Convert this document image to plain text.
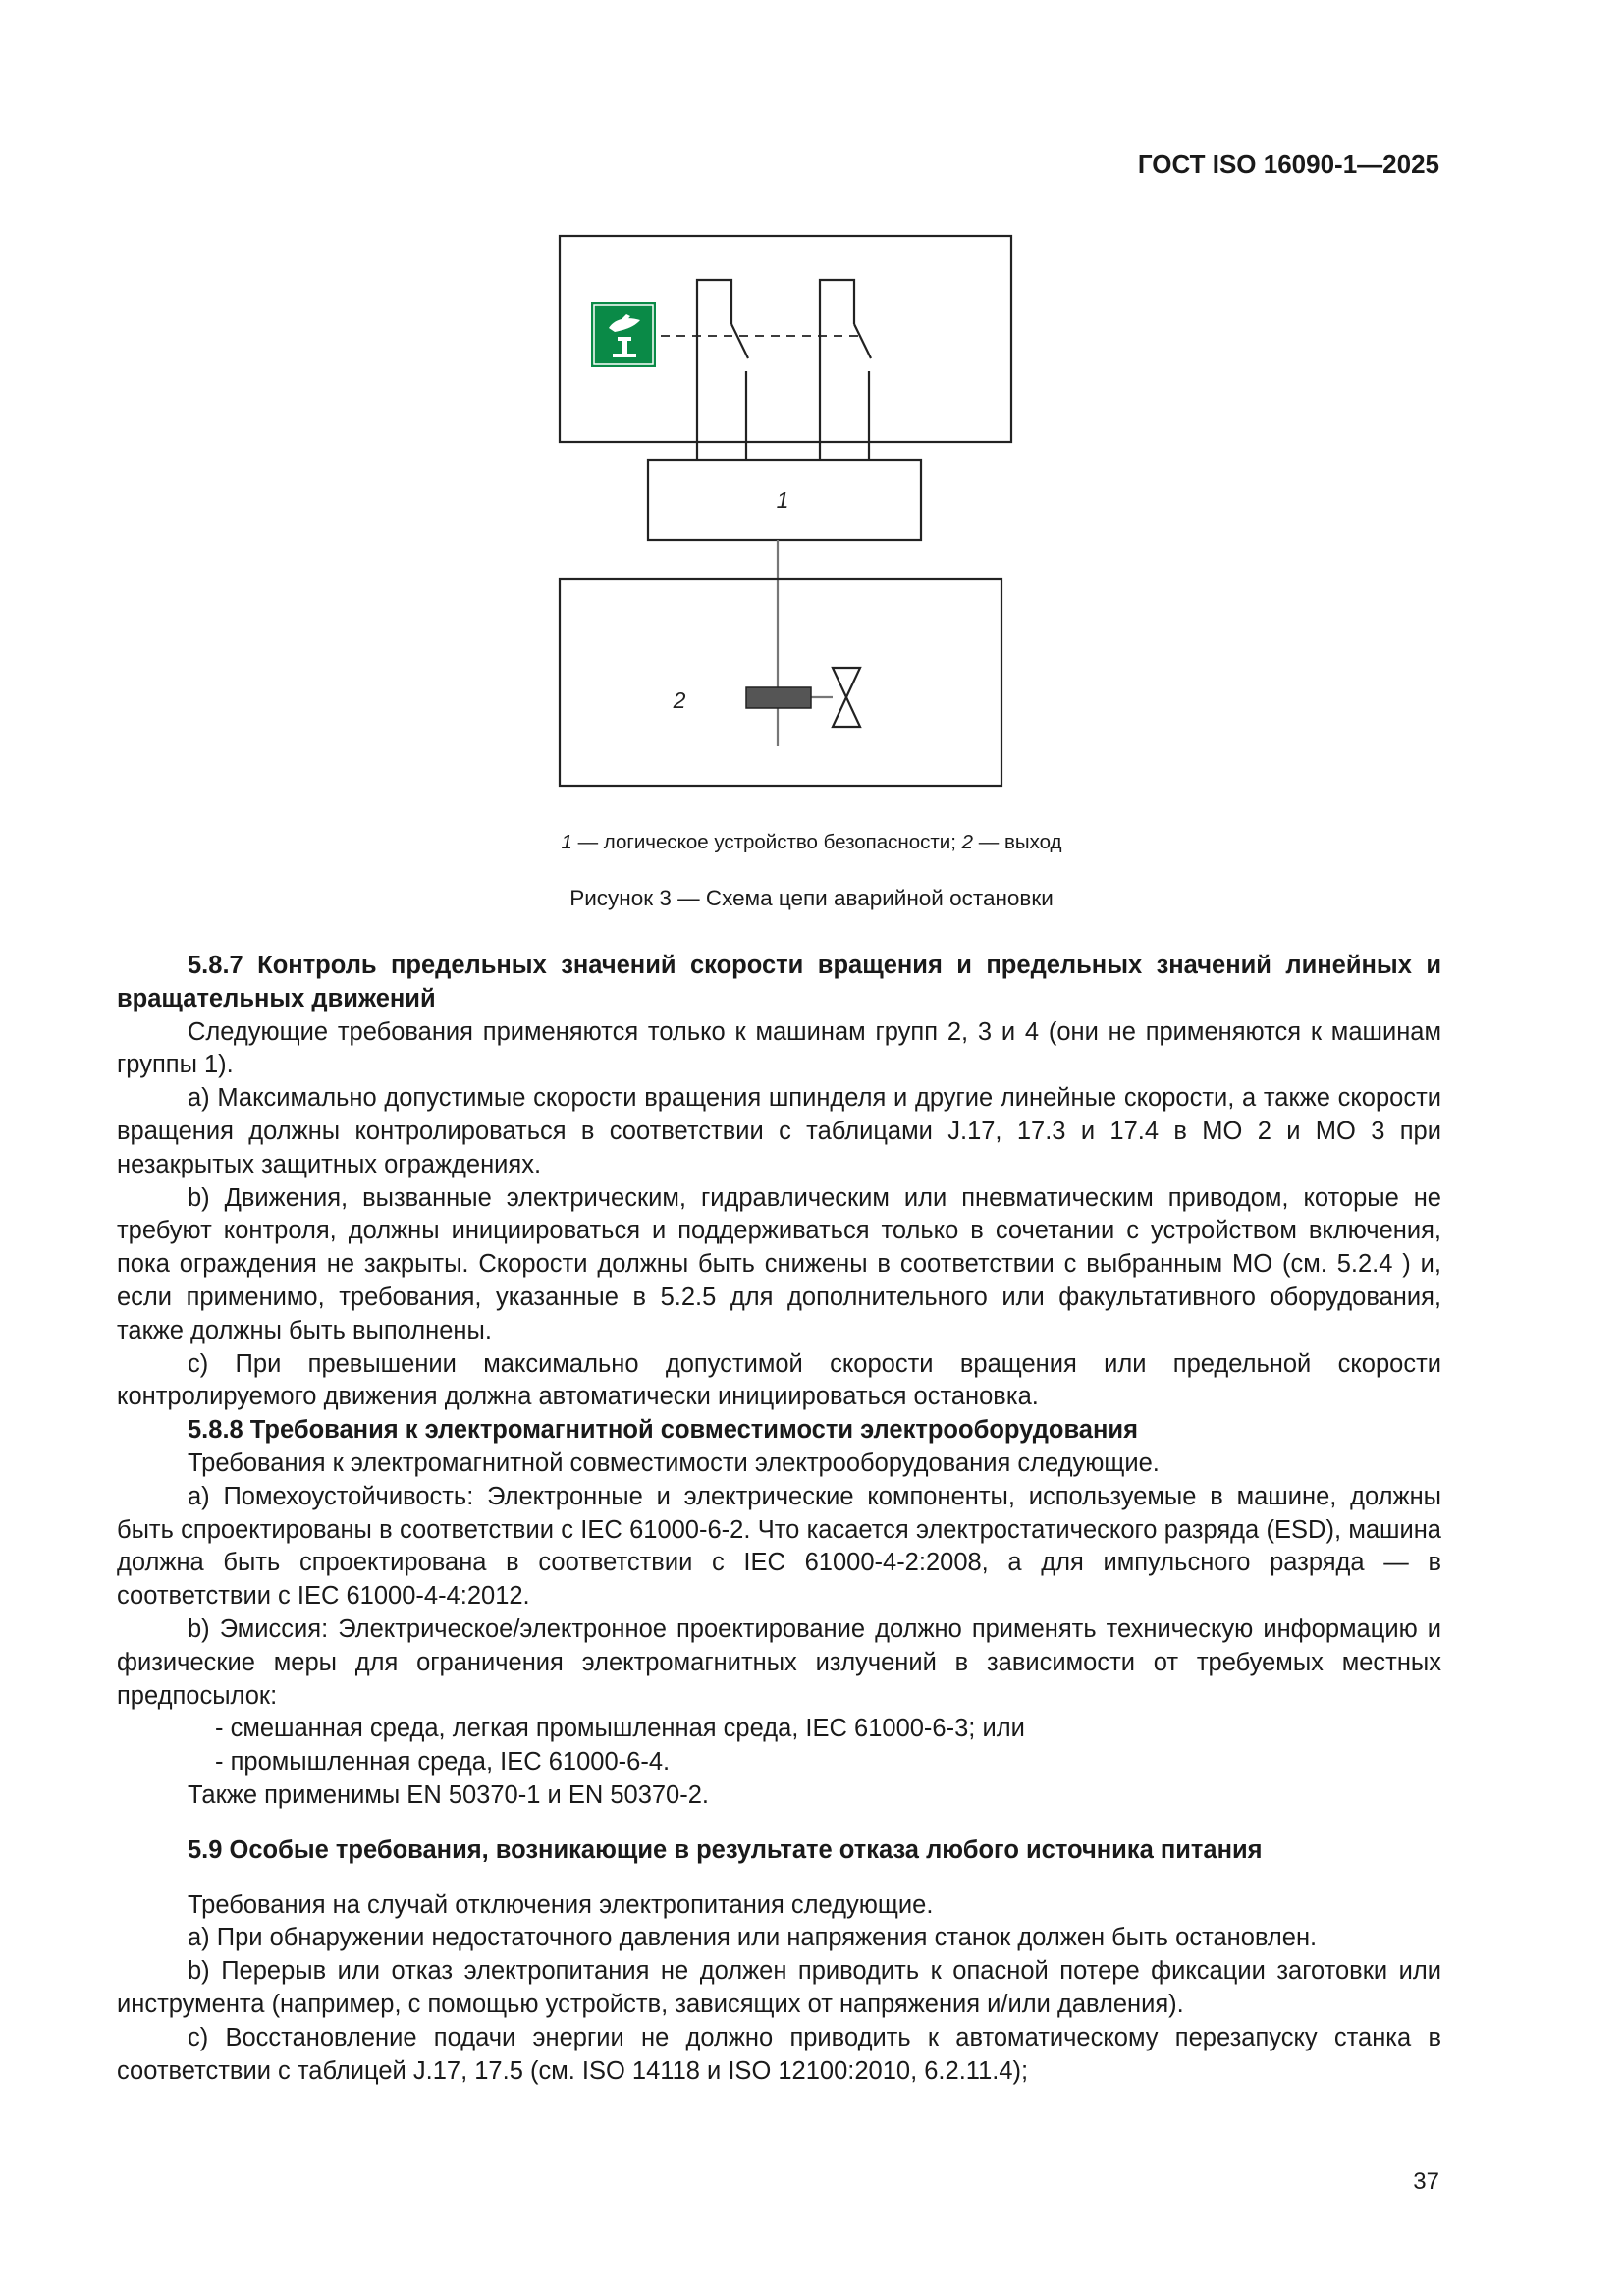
ГОСТ ISO 16090-1—2025
1
2
1 — логическое устройство безопасности; 2 — выход
Рисунок 3 — Схема цепи аварийной остановки

5.8.7 Контроль предельных значений скорости вращения и предельных значений линейных и вращательных движений

Следующие требования применяются только к машинам групп 2, 3 и 4 (они не применяются к машинам группы 1).

a) Максимально допустимые скорости вращения шпинделя и другие линейные скорости, а также скорости вращения должны контролироваться в соответствии с таблицами J.17, 17.3 и 17.4 в МО 2 и МО 3 при незакрытых защитных ограждениях.

b) Движения, вызванные электрическим, гидравлическим или пневматическим приводом, которые не требуют контроля, должны инициироваться и поддерживаться только в сочетании с устройством включения, пока ограждения не закрыты. Скорости должны быть снижены в соответствии с выбранным МО (см. 5.2.4 ) и, если применимо, требования, указанные в 5.2.5 для дополнительного или факультативного оборудования, также должны быть выполнены.

c) При превышении максимально допустимой скорости вращения или предельной скорости контролируемого движения должна автоматически инициироваться остановка.

5.8.8 Требования к электромагнитной совместимости электрооборудования

Требования к электромагнитной совместимости электрооборудования следующие.

a) Помехоустойчивость: Электронные и электрические компоненты, используемые в машине, должны быть спроектированы в соответствии с IEC 61000-6-2. Что касается электростатического разряда (ESD), машина должна быть спроектирована в соответствии с IEC 61000-4-2:2008, а для импульсного разряда — в соответствии с IEC 61000-4-4:2012.

b) Эмиссия: Электрическое/электронное проектирование должно применять техническую информацию и физические меры для ограничения электромагнитных излучений в зависимости от требуемых местных предпосылок:

- смешанная среда, легкая промышленная среда, IEC 61000-6-3; или

- промышленная среда, IEC 61000-6-4.

Также применимы EN 50370-1 и EN 50370-2.

5.9 Особые требования, возникающие в результате отказа любого источника питания

Требования на случай отключения электропитания следующие.

a) При обнаружении недостаточного давления или напряжения станок должен быть остановлен.

b) Перерыв или отказ электропитания не должен приводить к опасной потере фиксации заготовки или инструмента (например, с помощью устройств, зависящих от напряжения и/или давления).

c) Восстановление подачи энергии не должно приводить к автоматическому перезапуску станка в соответствии с таблицей J.17, 17.5 (см. ISO 14118 и ISO 12100:2010, 6.2.11.4);

37
